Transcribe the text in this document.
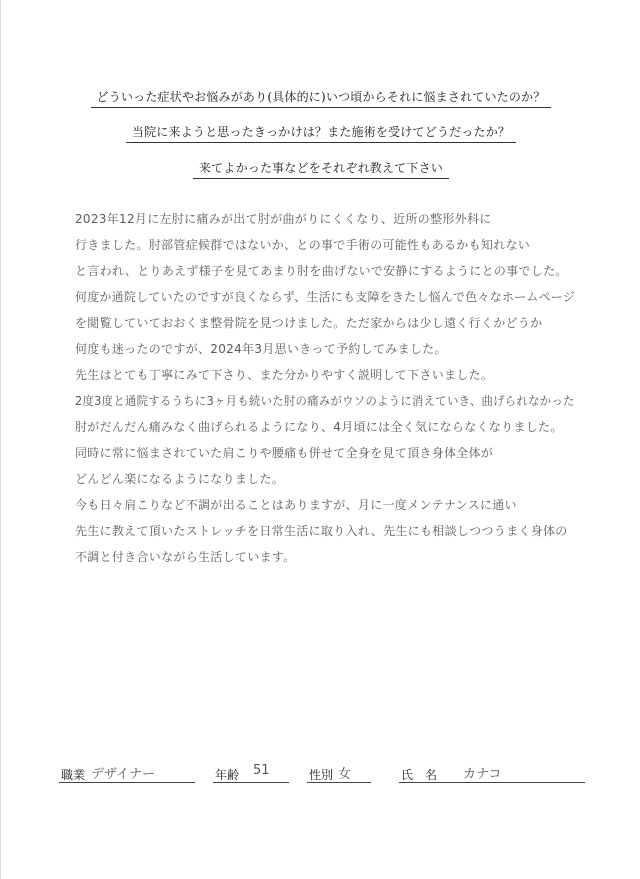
どういった症状やお悩みがあり(具体的に)いつ頃からそれに悩まされていたのか？
当院に来ようと思ったきっかけは？また施術を受けてどうだったか？
来てよかった事などをそれぞれ教えて下さい
2023年12月に左肘に痛みが出て肘が曲がりにくくなり、近所の整形外科に
行きました。肘部管症候群ではないか、との事で手術の可能性もあるかも知れない
と言われ、とりあえず様子を見てあまり肘を曲げないで安静にするようにとの事でした。
何度か通院していたのですが良くならず、生活にも支障をきたし悩んで色々なホームページ
を閲覧していておおくま整骨院を見つけました。ただ家からは少し遠く行くかどうか
何度も迷ったのですが、2024年3月思いきって予約してみました。
先生はとても丁寧にみて下さり、また分かりやすく説明して下さいました。
2度3度と通院するうちに3ヶ月も続いた肘の痛みがウソのように消えていき、曲げられなかった
肘がだんだん痛みなく曲げられるようになり、4月頃には全く気にならなくなりました。
同時に常に悩まされていた肩こりや腰痛も併せて全身を見て頂き身体全体が
どんどん楽になるようになりました。
今も日々肩こりなど不調が出ることはありますが、月に一度メンテナンスに通い
先生に教えて頂いたストレッチを日常生活に取り入れ、先生にも相談しつつうまく身体の
不調と付き合いながら生活しています。
職業 デザイナー	年齢 51	性別 女	氏　名 カナコ
